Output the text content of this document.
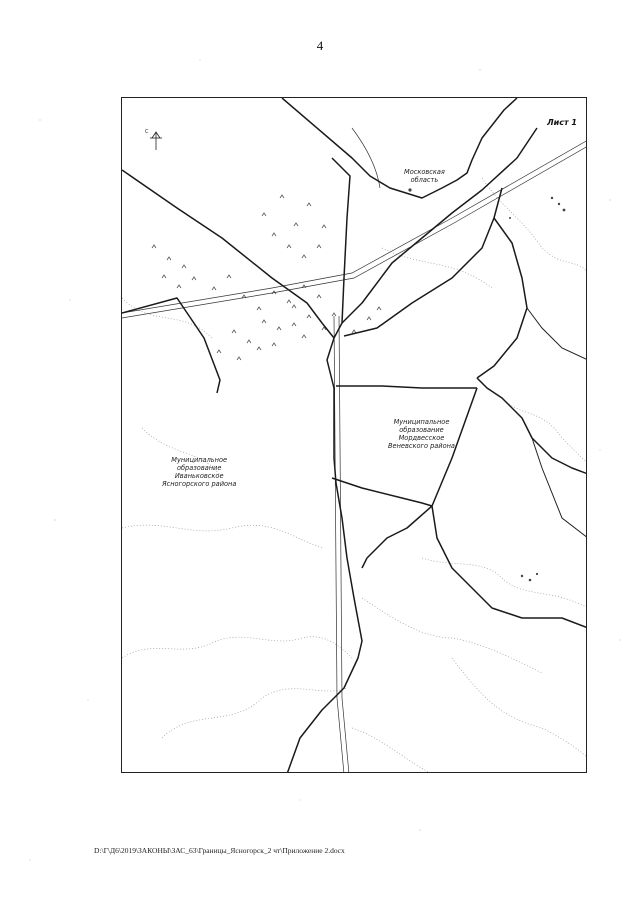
4
Лист 1
Московская
область
Муниципальное
образование
Мордвесское
Веневского района
Муниципальное
образование
Иваньковское
Ясногорского района
С
D:\Г\Д6\2019\ЗАКОНЫ\ЗАС_63\Границы_Ясногорск_2 чт\Приложение 2.docx
